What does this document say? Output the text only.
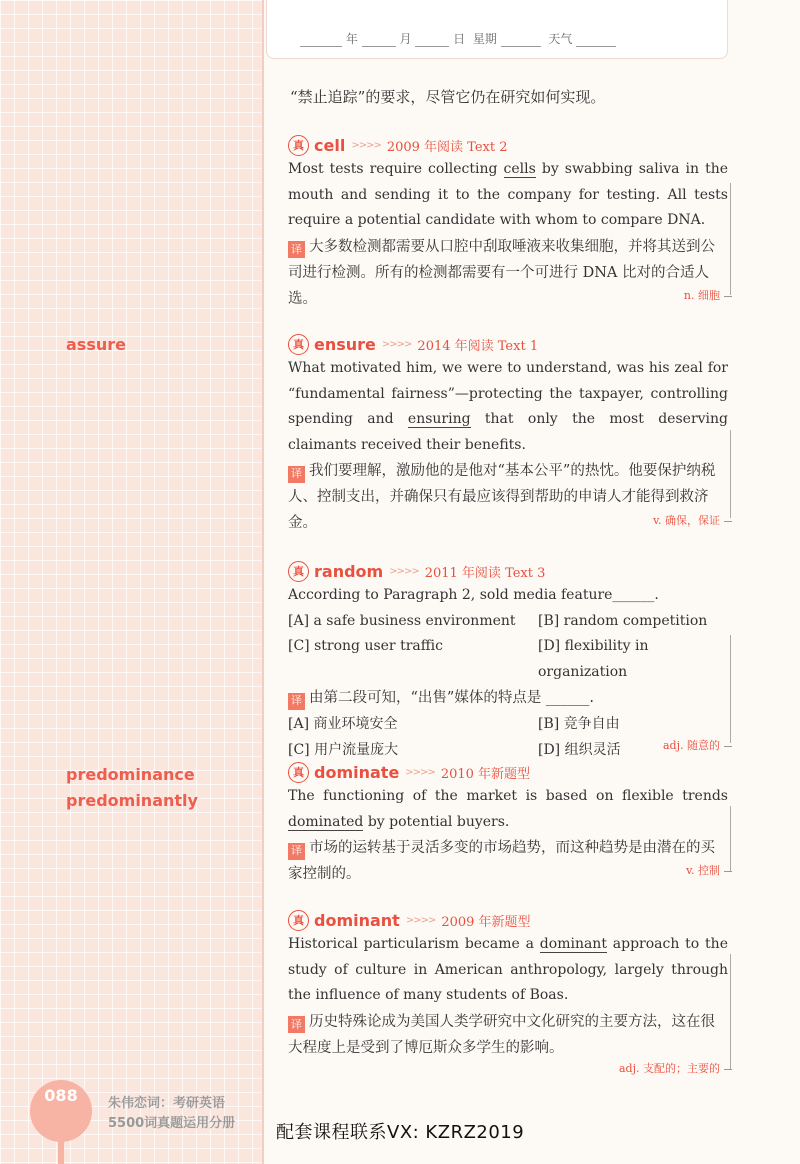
年	月	日 星期	天气
“禁止追踪”的要求，尽管它仍在研究如何实现。
assure
predominance
predominantly
真 cell >>>> 2009 年阅读 Text 2

Most tests require collecting cells by swabbing saliva in the mouth and sending it to the company for testing. All tests require a potential candidate with whom to compare DNA.

译 大多数检测都需要从口腔中刮取唾液来收集细胞，并将其送到公司进行检测。所有的检测都需要有一个可进行 DNA 比对的合适人选。	n. 细胞
真 ensure >>>> 2014 年阅读 Text 1

What motivated him, we were to understand, was his zeal for “fundamental fairness”—protecting the taxpayer, controlling spending and ensuring that only the most deserving claimants received their benefits.

译 我们要理解，激励他的是他对“基本公平”的热忱。他要保护纳税人、控制支出，并确保只有最应该得到帮助的申请人才能得到救济金。	v. 确保，保证
真 random >>>> 2011 年阅读 Text 3

According to Paragraph 2, sold media feature______.

[A] a safe business environment	[B] random competition
[C] strong user traffic	[D] flexibility in organization

译 由第二段可知，“出售”媒体的特点是 ______.

[A] 商业环境安全	[B] 竞争自由
[C] 用户流量庞大	[D] 组织灵活	adj. 随意的
真 dominate >>>> 2010 年新题型

The functioning of the market is based on flexible trends dominated by potential buyers.

译 市场的运转基于灵活多变的市场趋势，而这种趋势是由潜在的买家控制的。	v. 控制
真 dominant >>>> 2009 年新题型

Historical particularism became a dominant approach to the study of culture in American anthropology, largely through the influence of many students of Boas.

译 历史特殊论成为美国人类学研究中文化研究的主要方法，这在很大程度上是受到了博厄斯众多学生的影响。

adj. 支配的；主要的
088	朱伟恋词：考研英语
5500词真题运用分册 配套课程联系VX: KZRZ2019
